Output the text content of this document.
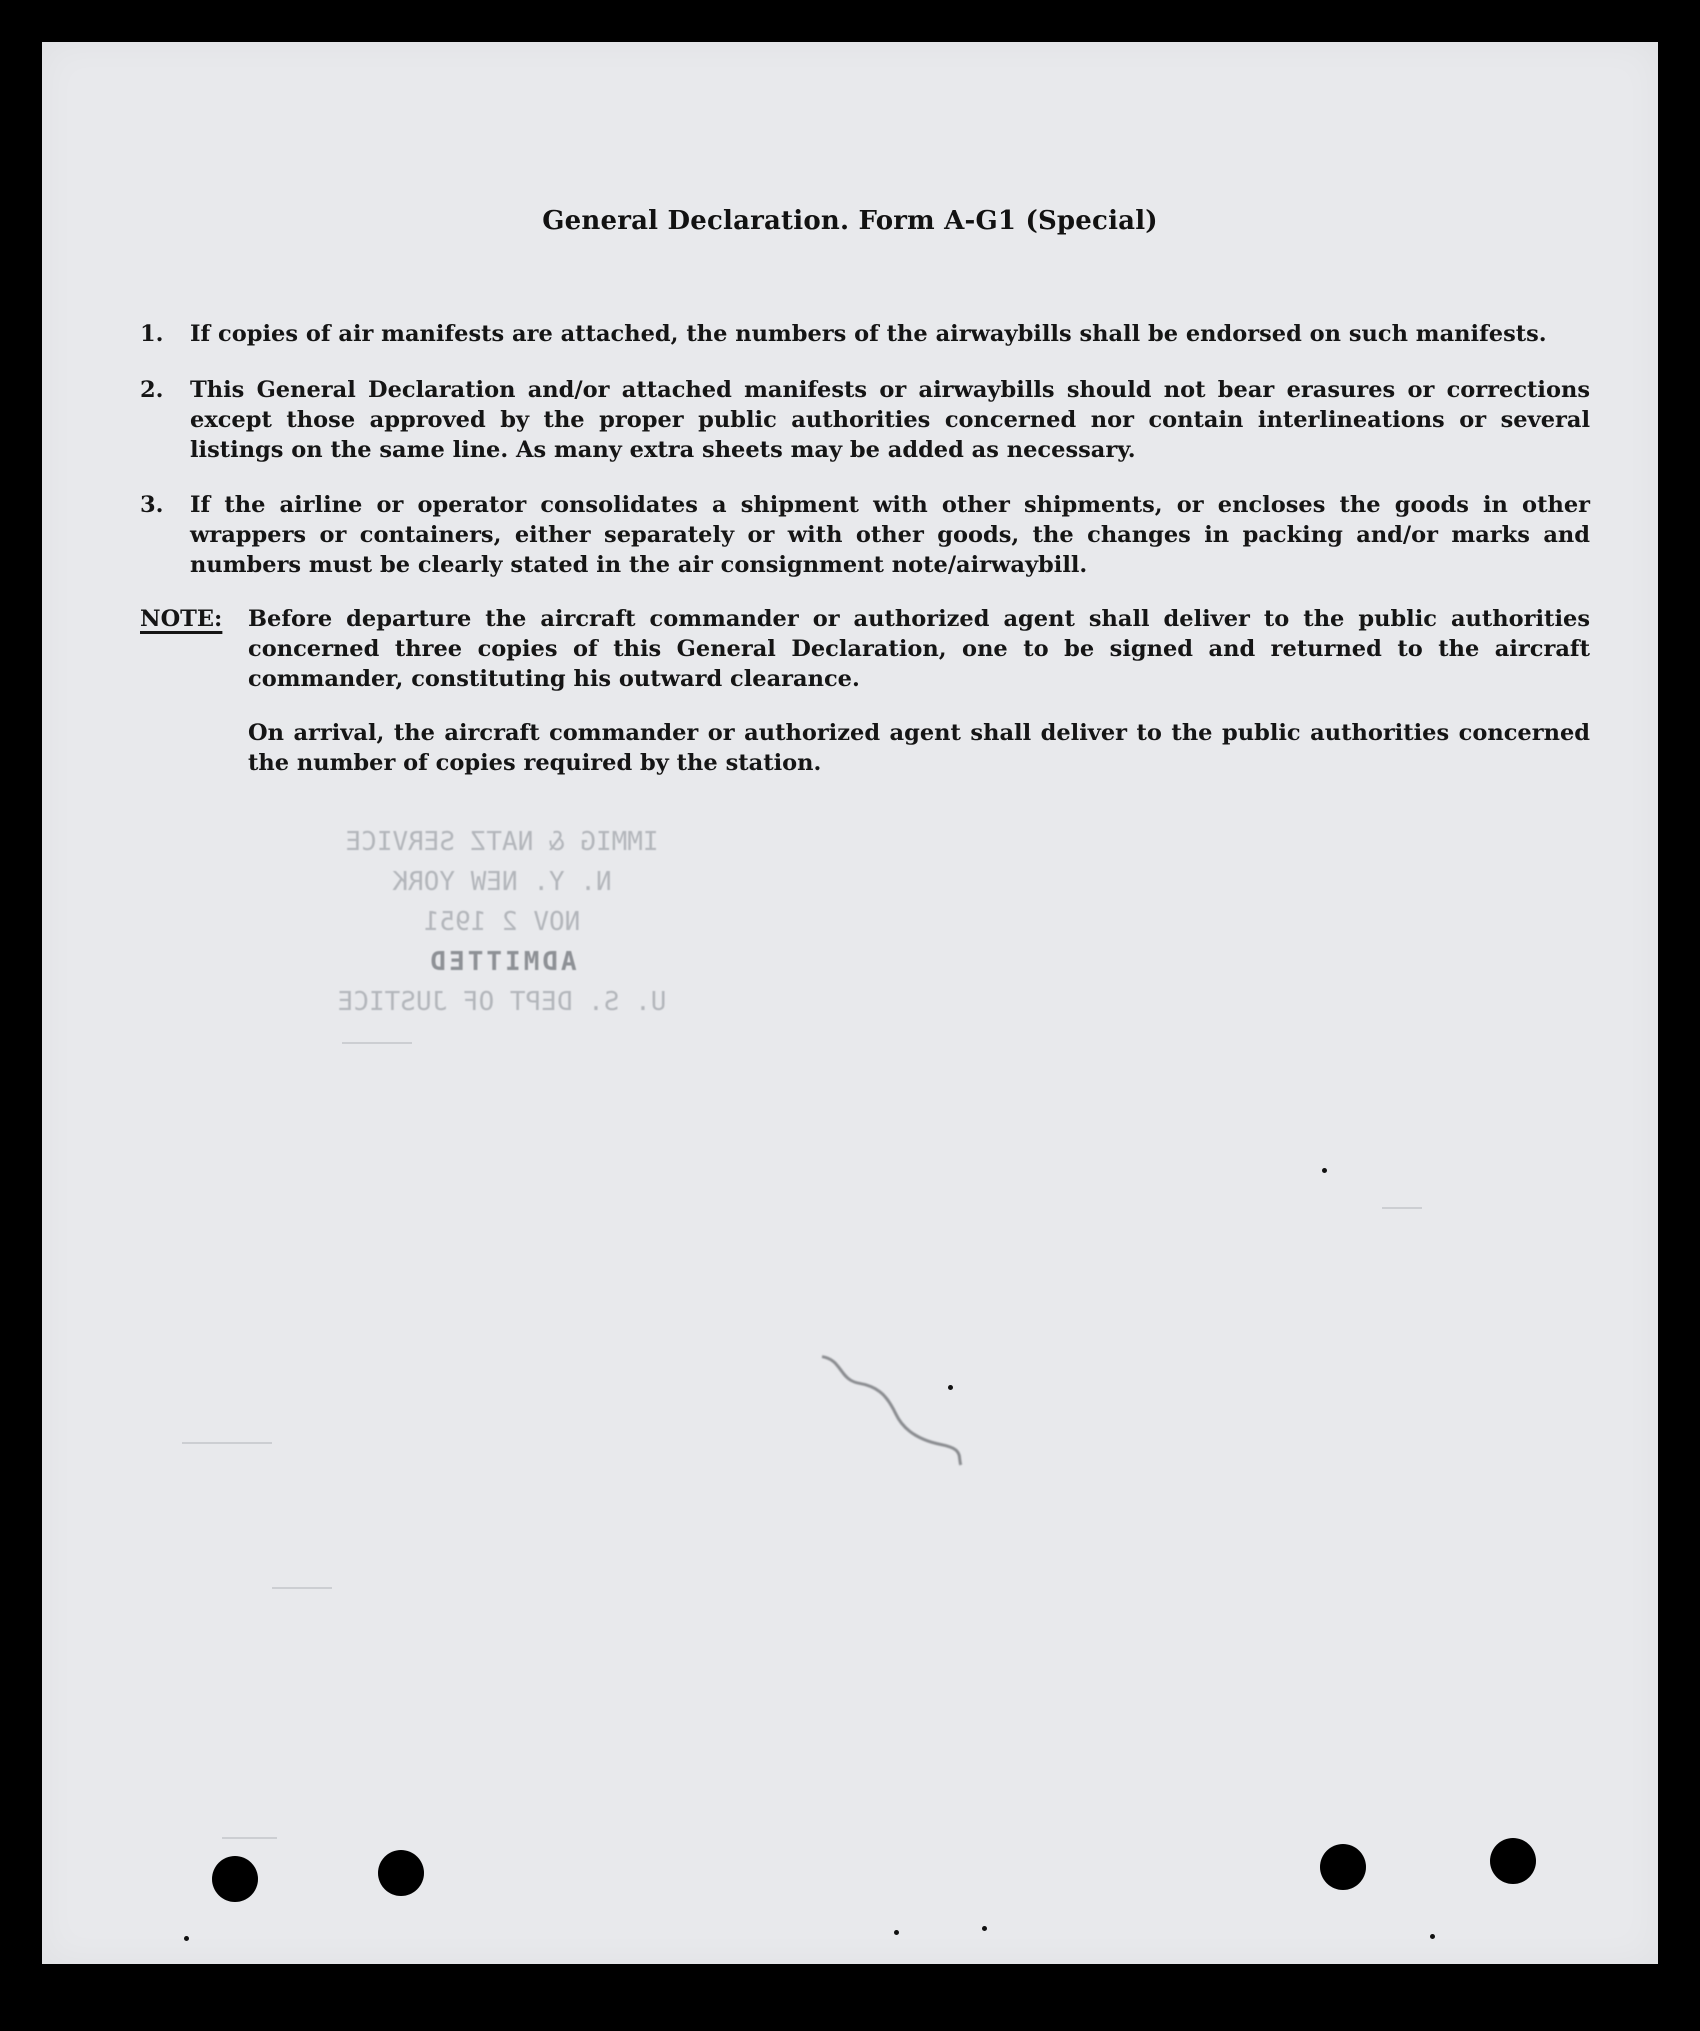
General Declaration. Form A-G1 (Special)
1.	If copies of air manifests are attached, the numbers of the airwaybills shall be endorsed on such manifests.
2.	This General Declaration and/or attached manifests or airwaybills should not bear erasures or corrections except those approved by the proper public authorities concerned nor contain interlineations or several listings on the same line. As many extra sheets may be added as necessary.
3.	If the airline or operator consolidates a shipment with other shipments, or encloses the goods in other wrappers or containers, either separately or with other goods, the changes in packing and/or marks and numbers must be clearly stated in the air consignment note/airwaybill.
NOTE: Before departure the aircraft commander or authorized agent shall deliver to the public authorities concerned three copies of this General Declaration, one to be signed and returned to the aircraft commander, constituting his outward clearance.
On arrival, the aircraft commander or authorized agent shall deliver to the public authorities concerned the number of copies required by the station.
IMMIG & NATZ SERVICE
N. Y. NEW YORK
NOV 2 1951
ADMITTED
U. S. DEPT OF JUSTICE
